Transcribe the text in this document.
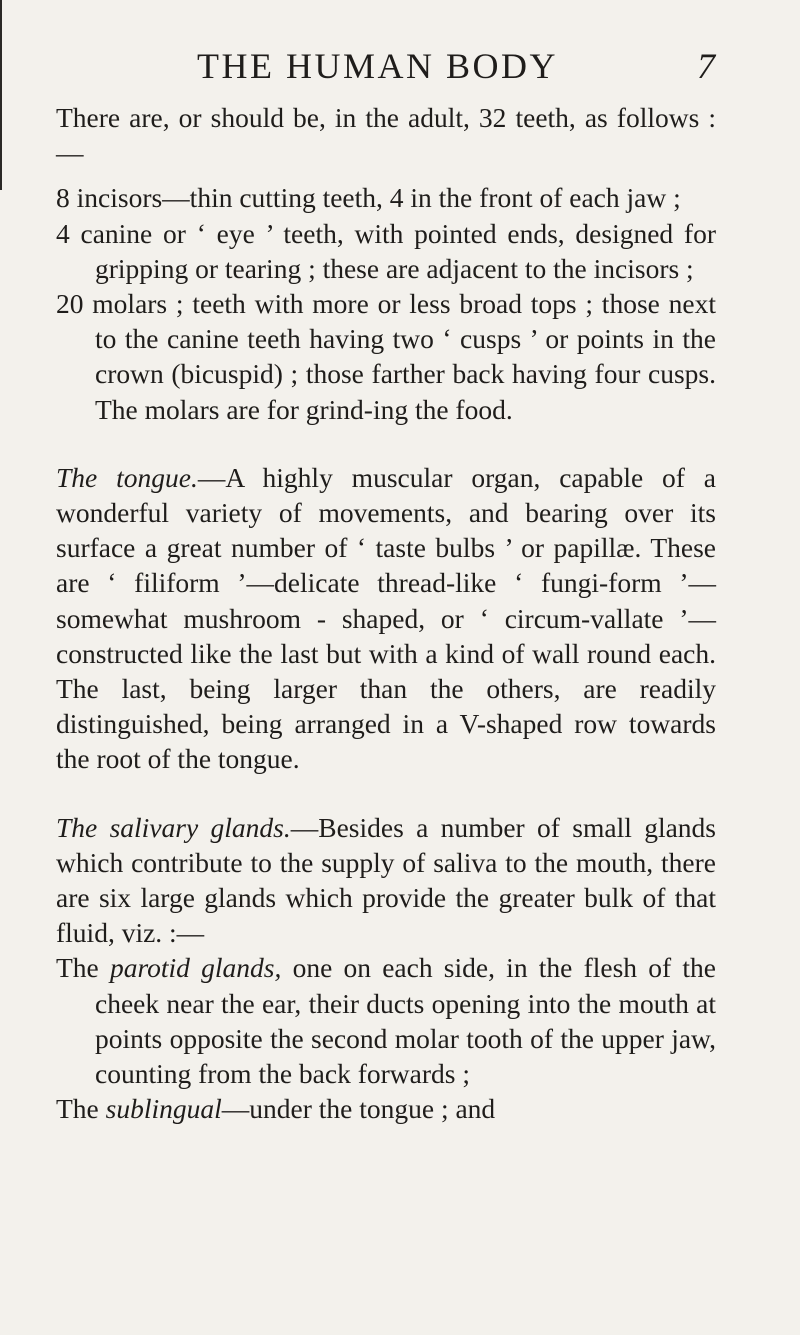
THE HUMAN BODY	7

There are, or should be, in the adult, 32 teeth, as follows :—

8 incisors—thin cutting teeth, 4 in the front of each jaw ;

4 canine or ‘ eye ’ teeth, with pointed ends, designed for gripping or tearing ; these are adjacent to the incisors ;

20 molars ; teeth with more or less broad tops ; those next to the canine teeth having two ‘ cusps ’ or points in the crown (bicuspid) ; those farther back having four cusps. The molars are for grind-ing the food.

The tongue.—A highly muscular organ, capable of a wonderful variety of movements, and bearing over its surface a great number of ‘ taste bulbs ’ or papillæ. These are ‘ filiform ’—delicate thread-like ‘ fungi-form ’—somewhat mushroom - shaped, or ‘ circum-vallate ’—constructed like the last but with a kind of wall round each. The last, being larger than the others, are readily distinguished, being arranged in a V-shaped row towards the root of the tongue.

The salivary glands.—Besides a number of small glands which contribute to the supply of saliva to the mouth, there are six large glands which provide the greater bulk of that fluid, viz. :—

The parotid glands, one on each side, in the flesh of the cheek near the ear, their ducts opening into the mouth at points opposite the second molar tooth of the upper jaw, counting from the back forwards ;

The sublingual—under the tongue ; and
